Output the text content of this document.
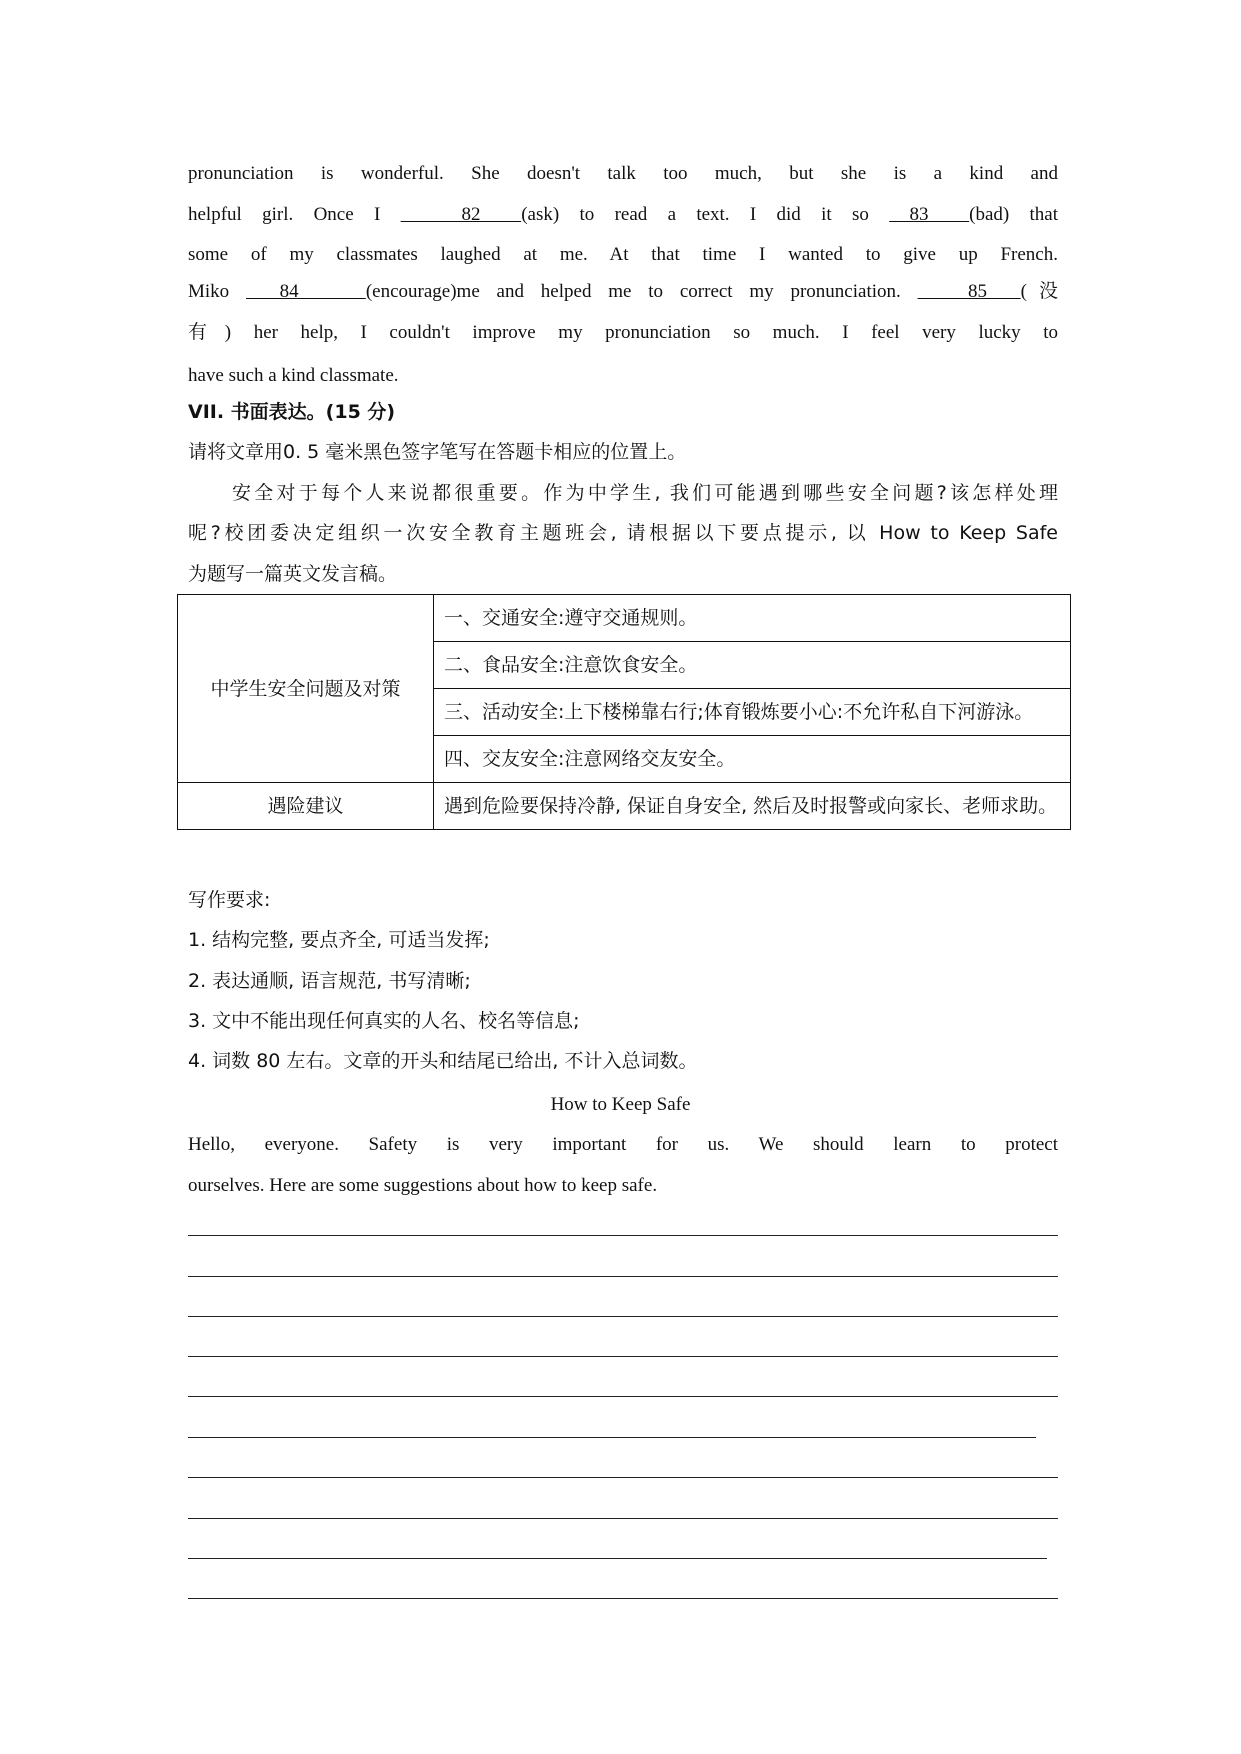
pronunciation is wonderful. She doesn't talk too much, but she is a kind and
helpful girl. Once I    82  (ask) to read a text. I did it so  83  (bad) that
some of my classmates laughed at me. At that time I wanted to give up French.
Miko   84    (encourage)me and helped me to correct my pronunciation.    85  (没
有) her help, I couldn't improve my pronunciation so much. I feel very lucky to
have such a kind classmate.
VII. 书面表达。(15 分)
请将文章用0. 5 毫米黑色签字笔写在答题卡相应的位置上。
安全对于每个人来说都很重要。作为中学生, 我们可能遇到哪些安全问题?该怎样处理
呢?校团委决定组织一次安全教育主题班会, 请根据以下要点提示, 以 How to Keep Safe
为题写一篇英文发言稿。
中学生安全问题及对策	一、交通安全:遵守交通规则。
	二、食品安全:注意饮食安全。
	三、活动安全:上下楼梯靠右行;体育锻炼要小心:不允许私自下河游泳。
	四、交友安全:注意网络交友安全。
遇险建议	遇到危险要保持冷静, 保证自身安全, 然后及时报警或向家长、老师求助。
写作要求:
1. 结构完整, 要点齐全, 可适当发挥;
2. 表达通顺, 语言规范, 书写清晰;
3. 文中不能出现任何真实的人名、校名等信息;
4. 词数 80 左右。文章的开头和结尾已给出, 不计入总词数。
How to Keep Safe
Hello, everyone. Safety is very important for us. We should learn to protect
ourselves. Here are some suggestions about how to keep safe.
